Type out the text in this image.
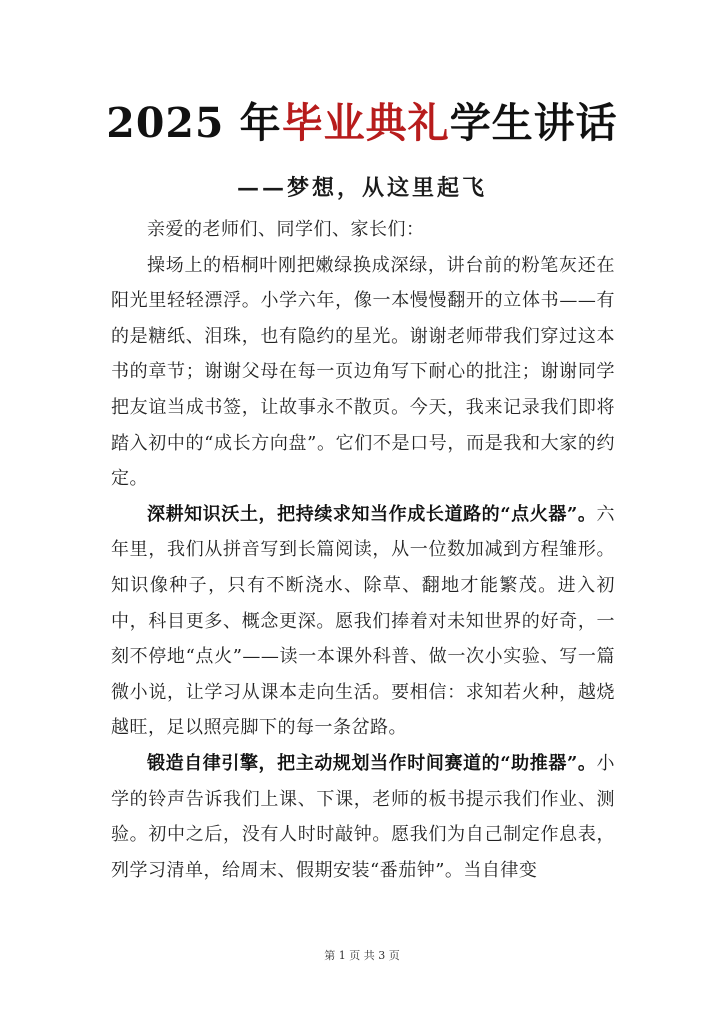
2025 年毕业典礼学生讲话
——梦想，从这里起飞

亲爱的老师们、同学们、家长们：

操场上的梧桐叶刚把嫩绿换成深绿，讲台前的粉笔灰还在阳光里轻轻漂浮。小学六年，像一本慢慢翻开的立体书——有的是糖纸、泪珠，也有隐约的星光。谢谢老师带我们穿过这本书的章节；谢谢父母在每一页边角写下耐心的批注；谢谢同学把友谊当成书签，让故事永不散页。今天，我来记录我们即将踏入初中的“成长方向盘”。它们不是口号，而是我和大家的约定。

深耕知识沃土，把持续求知当作成长道路的“点火器”。六年里，我们从拼音写到长篇阅读，从一位数加减到方程雏形。知识像种子，只有不断浇水、除草、翻地才能繁茂。进入初中，科目更多、概念更深。愿我们捧着对未知世界的好奇，一刻不停地“点火”——读一本课外科普、做一次小实验、写一篇微小说，让学习从课本走向生活。要相信：求知若火种，越烧越旺，足以照亮脚下的每一条岔路。

锻造自律引擎，把主动规划当作时间赛道的“助推器”。小学的铃声告诉我们上课、下课，老师的板书提示我们作业、测验。初中之后，没有人时时敲钟。愿我们为自己制定作息表，列学习清单，给周末、假期安装“番茄钟”。当自律变

第 1 页 共 3 页
